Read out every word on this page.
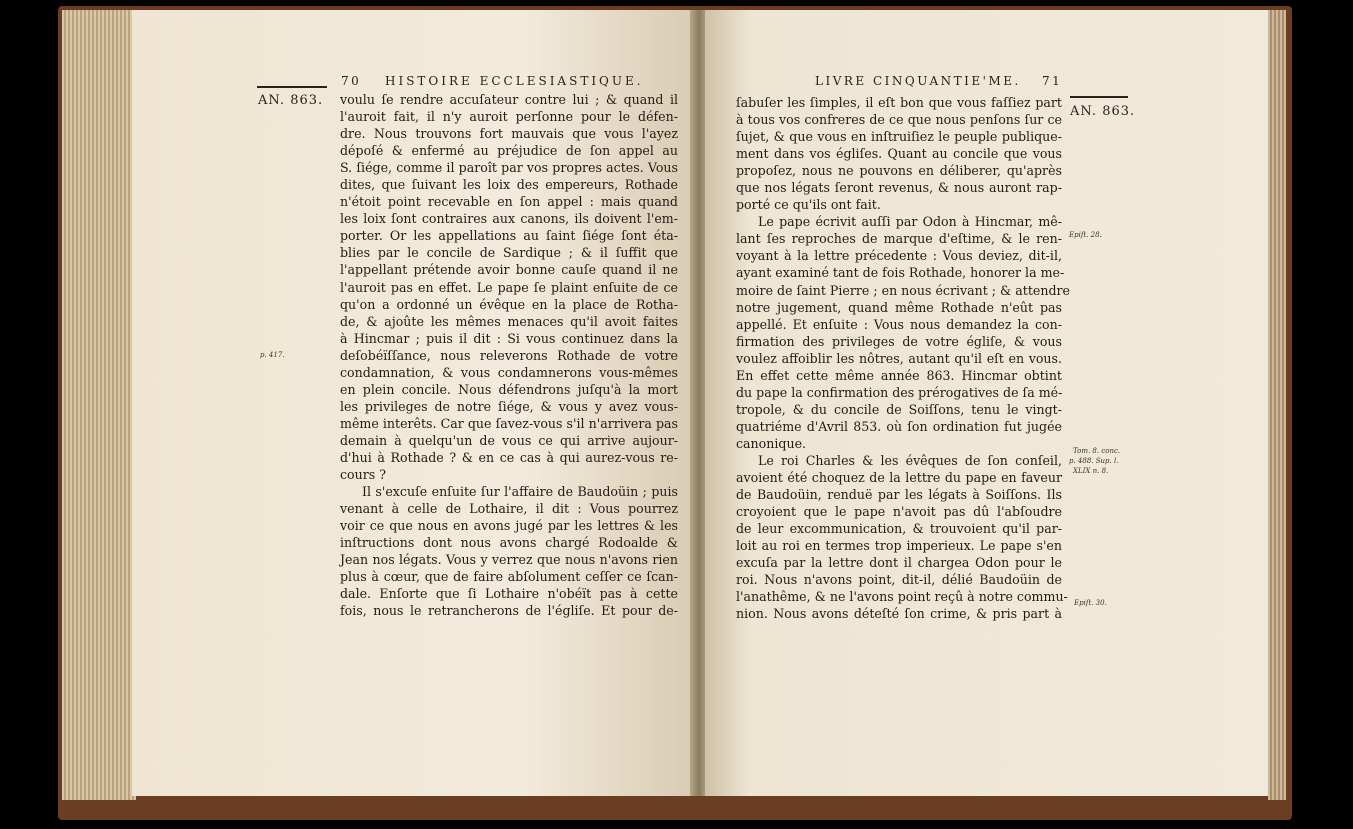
70 HISTOIRE ECCLESIASTIQUE.
AN. 863.
p. 417.
voulu ſe rendre accuſateur contre lui ; & quand il
l'auroit fait, il n'y auroit perſonne pour le défen-
dre. Nous trouvons fort mauvais que vous l'ayez
dépoſé & enfermé au préjudice de ſon appel au
S. ſiége, comme il paroît par vos propres actes. Vous
dites, que ſuivant les loix des empereurs, Rothade
n'étoit point recevable en ſon appel : mais quand
les loix ſont contraires aux canons, ils doivent l'em-
porter. Or les appellations au ſaint ſiége ſont éta-
blies par le concile de Sardique ; & il ſuffit que
l'appellant prétende avoir bonne cauſe quand il ne
l'auroit pas en effet. Le pape ſe plaint enſuite de ce
qu'on a ordonné un évêque en la place de Rotha-
de, & ajoûte les mêmes menaces qu'il avoit faites
à Hincmar ; puis il dit : Si vous continuez dans la
deſobéïſſance, nous releverons Rothade de votre
condamnation, & vous condamnerons vous-mêmes
en plein concile. Nous défendrons juſqu'à la mort
les privileges de notre ſiége, & vous y avez vous-
même interêts. Car que ſavez-vous s'il n'arrivera pas
demain à quelqu'un de vous ce qui arrive aujour-
d'hui à Rothade ? & en ce cas à qui aurez-vous re-
cours ?
Il s'excuſe enſuite ſur l'affaire de Baudoüin ; puis
venant à celle de Lothaire, il dit : Vous pourrez
voir ce que nous en avons jugé par les lettres & les
inſtructions dont nous avons chargé Rodoalde &
Jean nos légats. Vous y verrez que nous n'avons rien
plus à cœur, que de faire abſolument ceſſer ce ſcan-
dale. Enſorte que ſi Lothaire n'obéït pas à cette
fois, nous le retrancherons de l'égliſe. Et pour de-
LIVRE CINQUANTIE'ME. 71
AN. 863.
Epiſt. 28.
Tom. 8. conc.
p. 488. Sup. l.
XLIX n. 8.
Epiſt. 30.
ſabuſer les ſimples, il eſt bon que vous faſſiez part
à tous vos confreres de ce que nous penſons ſur ce
ſujet, & que vous en inſtruiſiez le peuple publique-
ment dans vos égliſes. Quant au concile que vous
propoſez, nous ne pouvons en déliberer, qu'après
que nos légats ſeront revenus, & nous auront rap-
porté ce qu'ils ont fait.
Le pape écrivit auſſi par Odon à Hincmar, mê-
lant ſes reproches de marque d'eſtime, & le ren-
voyant à la lettre précedente : Vous deviez, dit-il,
ayant examiné tant de fois Rothade, honorer la me-
moire de ſaint Pierre ; en nous écrivant ; & attendre
notre jugement, quand même Rothade n'eût pas
appellé. Et enſuite : Vous nous demandez la con-
firmation des privileges de votre égliſe, & vous
voulez affoiblir les nôtres, autant qu'il eſt en vous.
En effet cette même année 863. Hincmar obtint
du pape la confirmation des prérogatives de ſa mé-
tropole, & du concile de Soiſſons, tenu le vingt-
quatriéme d'Avril 853. où ſon ordination fut jugée
canonique.
Le roi Charles & les évêques de ſon conſeil,
avoient été choquez de la lettre du pape en faveur
de Baudoüin, renduë par les légats à Soiſſons. Ils
croyoient que le pape n'avoit pas dû l'abſoudre
de leur excommunication, & trouvoient qu'il par-
loit au roi en termes trop imperieux. Le pape s'en
excuſa par la lettre dont il chargea Odon pour le
roi. Nous n'avons point, dit-il, délié Baudoüin de
l'anathême, & ne l'avons point reçû à notre commu-
nion. Nous avons déteſté ſon crime, & pris part à
